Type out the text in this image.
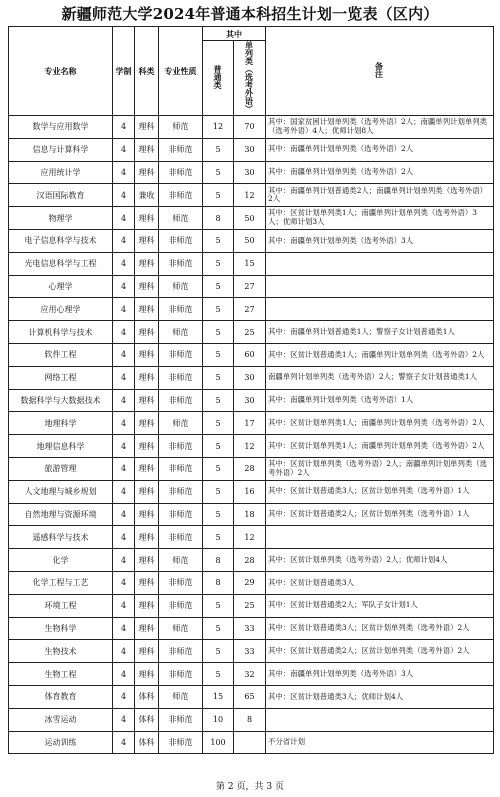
新疆师范大学2024年普通本科招生计划一览表（区内）
专业名称	学制	科类	专业性质		其中		备注
				普通类	单列类（选考外语）	
数学与应用数学	4	理科	师范		12	70	其中：国家贫困计划单列类（选考外语）2人；南疆单列计划单列类（选考外语）4人；优师计划8人
信息与计算科学	4	理科	非师范		5	30	其中：南疆单列计划单列类（选考外语）2人
应用统计学	4	理科	非师范		5	30	其中：南疆单列计划单列类（选考外语）2人
汉语国际教育	4	兼收	非师范		5	12	其中：南疆单列计划普通类2人；南疆单列计划单列类（选考外语）2人
物理学	4	理科	师范		8	50	其中：区贫计划单列类1人；南疆单列计划单列类（选考外语）3人；优师计划3人
电子信息科学与技术	4	理科	非师范		5	50	其中：南疆单列计划单列类（选考外语）3人
光电信息科学与工程	4	理科	非师范		5	15	
心理学	4	理科	师范		5	27	
应用心理学	4	理科	非师范		5	27	
计算机科学与技术	4	理科	师范		5	25	其中：南疆单列计划普通类1人；警察子女计划普通类1人
软件工程	4	理科	非师范		5	60	其中：区贫计划普通类1人；南疆单列计划单列类（选考外语）2人
网络工程	4	理科	非师范		5	30	南疆单列计划单列类（选考外语）2人；警察子女计划普通类1人
数据科学与大数据技术	4	理科	非师范		5	30	其中：南疆单列计划单列类（选考外语）1人
地理科学	4	理科	师范		5	17	其中：区贫计划单列类1人；南疆单列计划单列类（选考外语）2人
地理信息科学	4	理科	非师范		5	12	其中：区贫计划单列类1人；南疆单列计划单列类（选考外语）2人
旅游管理	4	理科	非师范		5	28	其中：区贫计划单列类（选考外语）2人；南疆单列计划单列类（选考外语）2人
人文地理与城乡规划	4	理科	非师范		5	16	其中：区贫计划普通类3人；区贫计划单列类（选考外语）1人
自然地理与资源环境	4	理科	非师范		5	18	其中：区贫计划普通类2人；区贫计划单列类（选考外语）1人
遥感科学与技术	4	理科	非师范		5	12	
化学	4	理科	师范		8	28	其中：区贫计划单列类（选考外语）2人；优师计划4人
化学工程与工艺	4	理科	非师范		8	29	其中：区贫计划普通类3人
环境工程	4	理科	非师范		5	25	其中：区贫计划普通类2人；军队子女计划1人
生物科学	4	理科	师范		5	33	其中：区贫计划普通类3人；区贫计划单列类（选考外语）2人
生物技术	4	理科	非师范		5	33	其中：区贫计划普通类2人；区贫计划单列类（选考外语）2人
生物工程	4	理科	非师范		5	32	其中：南疆单列计划单列类（选考外语）3人
体育教育	4	体科	师范		15	65	其中：区贫计划普通类3人；优师计划4人
冰雪运动	4	体科	非师范		10	8	
运动训练	4	体科	非师范		100		不分省计划
第 2 页，共 3 页
